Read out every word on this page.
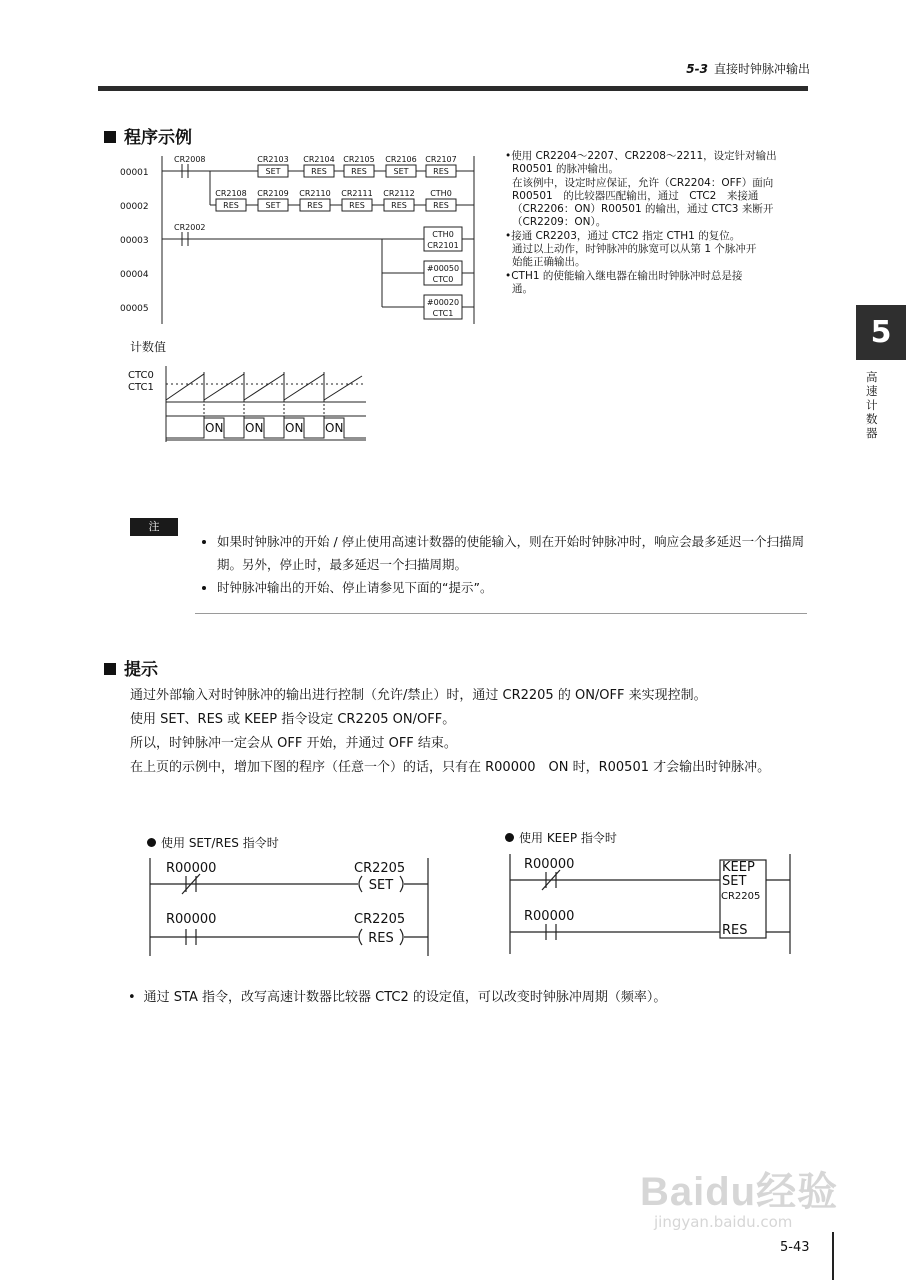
5-3 直接时钟脉冲输出
程序示例
00001
00002
00003
00004
00005
CR2008
CR2002
CR2103 CR2104 CR2105 CR2106 CR2107
SET	RES	RES	SET	RES
CR2108 CR2109 CR2110 CR2111 CR2112 CTH0
RES	SET	RES	RES	RES	RES
CTH0
CR2101
#00050
CTC0
#00020
CTC1
计数值
CTC0
CTC1
ON ON ON ON

•使用 CR2204～2207、CR2208～2211，设定针对输出

R00501 的脉冲输出。

在该例中，设定时应保证，允许（CR2204：OFF）面向

R00501　的比较器匹配输出，通过　CTC2　来接通

（CR2206：ON）R00501 的输出，通过 CTC3 来断开

（CR2209：ON）。

•接通 CR2203，通过 CTC2 指定 CTH1 的复位。

通过以上动作，时钟脉冲的脉宽可以从第 1 个脉冲开

始能正确输出。

•CTH1 的使能输入继电器在输出时钟脉冲时总是接

通。

5
高速计数器
注
• 如果时钟脉冲的开始 / 停止使用高速计数器的使能输入，则在开始时钟脉冲时，响应会最多延迟一个扫描周期。另外，停止时，最多延迟一个扫描周期。
• 时钟脉冲输出的开始、停止请参见下面的“提示”。
提示

通过外部输入对时钟脉冲的输出进行控制（允许/禁止）时，通过 CR2205 的 ON/OFF 来实现控制。

使用 SET、RES 或 KEEP 指令设定 CR2205 ON/OFF。

所以，时钟脉冲一定会从 OFF 开始，并通过 OFF 结束。

在上页的示例中，增加下图的程序（任意一个）的话，只有在 R00000　ON 时，R00501 才会输出时钟脉冲。

使用 SET/RES 指令时	使用 KEEP 指令时
R00000	CR2205
SET
R00000	CR2205
RES
R00000
R00000
KEEP
SET
CR2205
RES
• 通过 STA 指令，改写高速计数器比较器 CTC2 的设定值，可以改变时钟脉冲周期（频率）。
Baidu经验
jingyan.baidu.com
5-43
